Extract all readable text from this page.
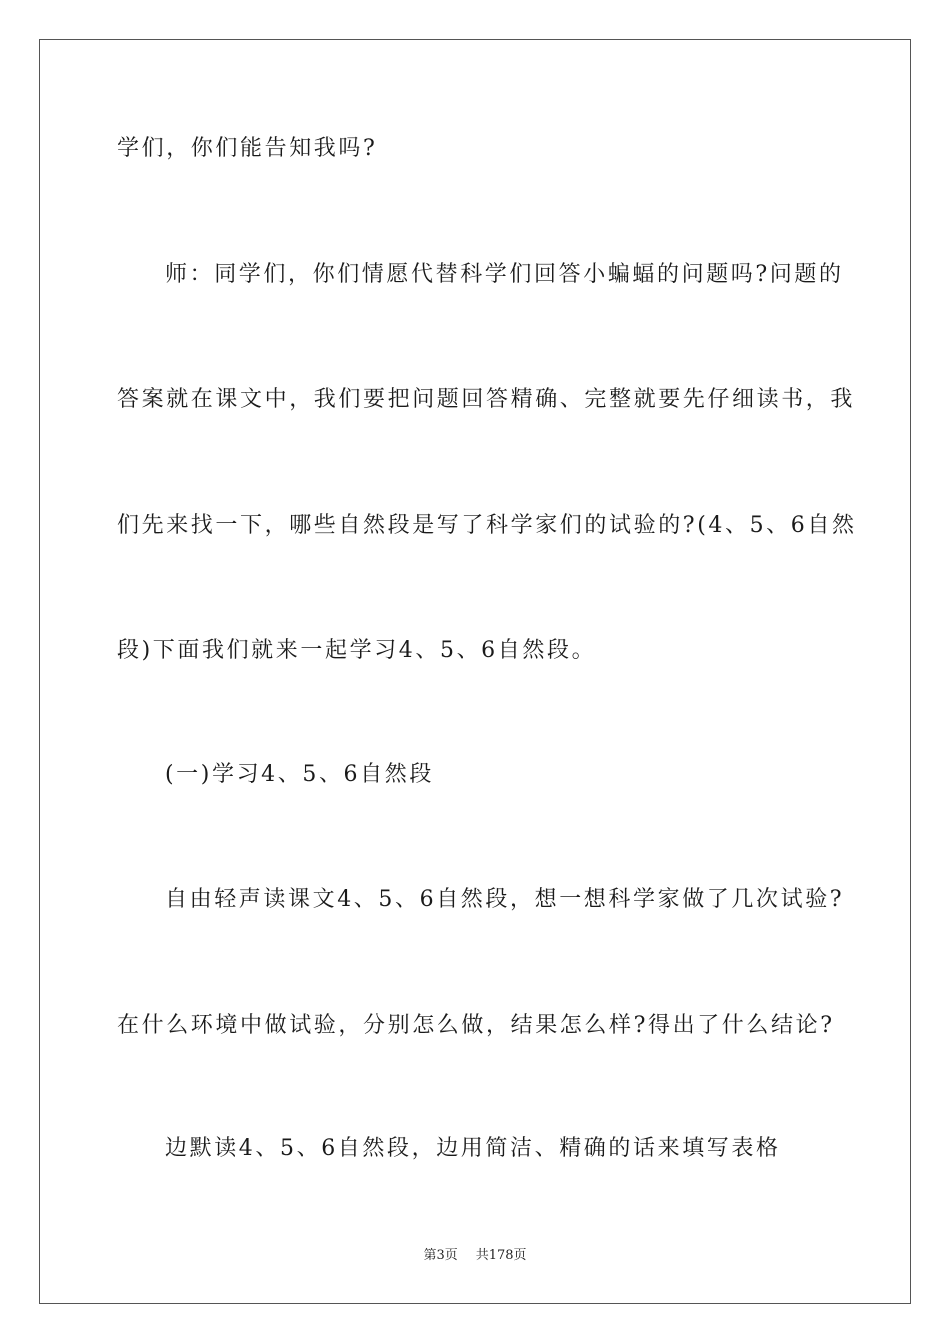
学们，你们能告知我吗?
师：同学们，你们情愿代替科学们回答小蝙蝠的问题吗?问题的
答案就在课文中，我们要把问题回答精确、完整就要先仔细读书，我
们先来找一下，哪些自然段是写了科学家们的试验的?(4、5、6自然
段)下面我们就来一起学习4、5、6自然段。
(一)学习4、5、6自然段
自由轻声读课文4、5、6自然段，想一想科学家做了几次试验?
在什么环境中做试验，分别怎么做，结果怎么样?得出了什么结论?
边默读4、5、6自然段，边用简洁、精确的话来填写表格
第3页 共178页
